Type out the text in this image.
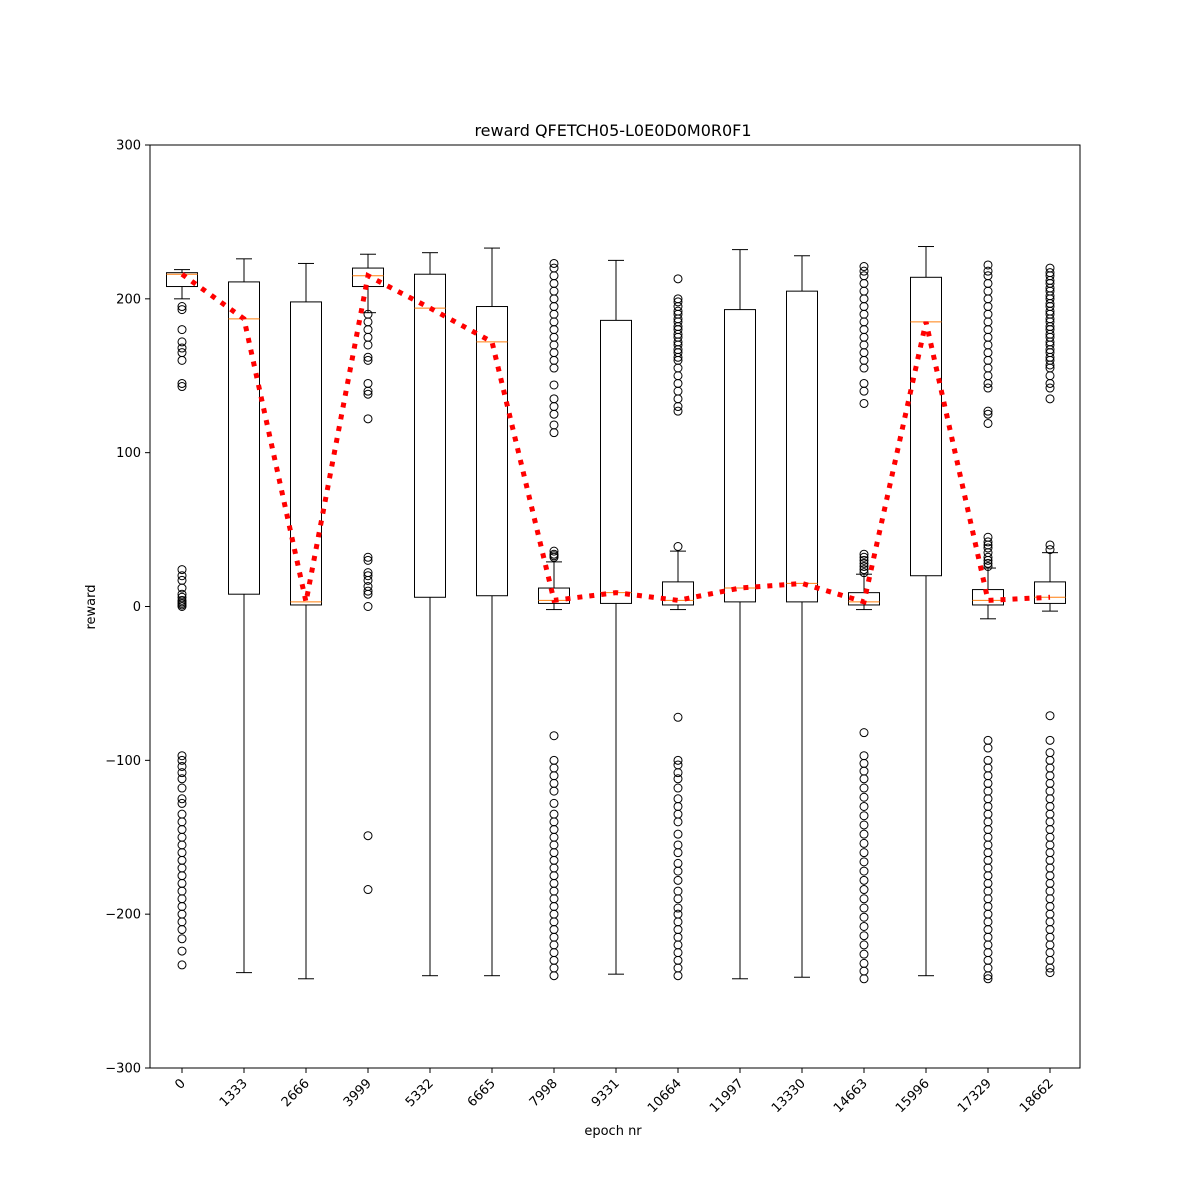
−300
−200
−100
0
100
200
300
0 1333 2666 3999 5332 6665 7998 9331 10664 11997 13330 14663 15996 17329 18662
reward QFETCH05-L0E0D0M0R0F1
epoch nr
reward
